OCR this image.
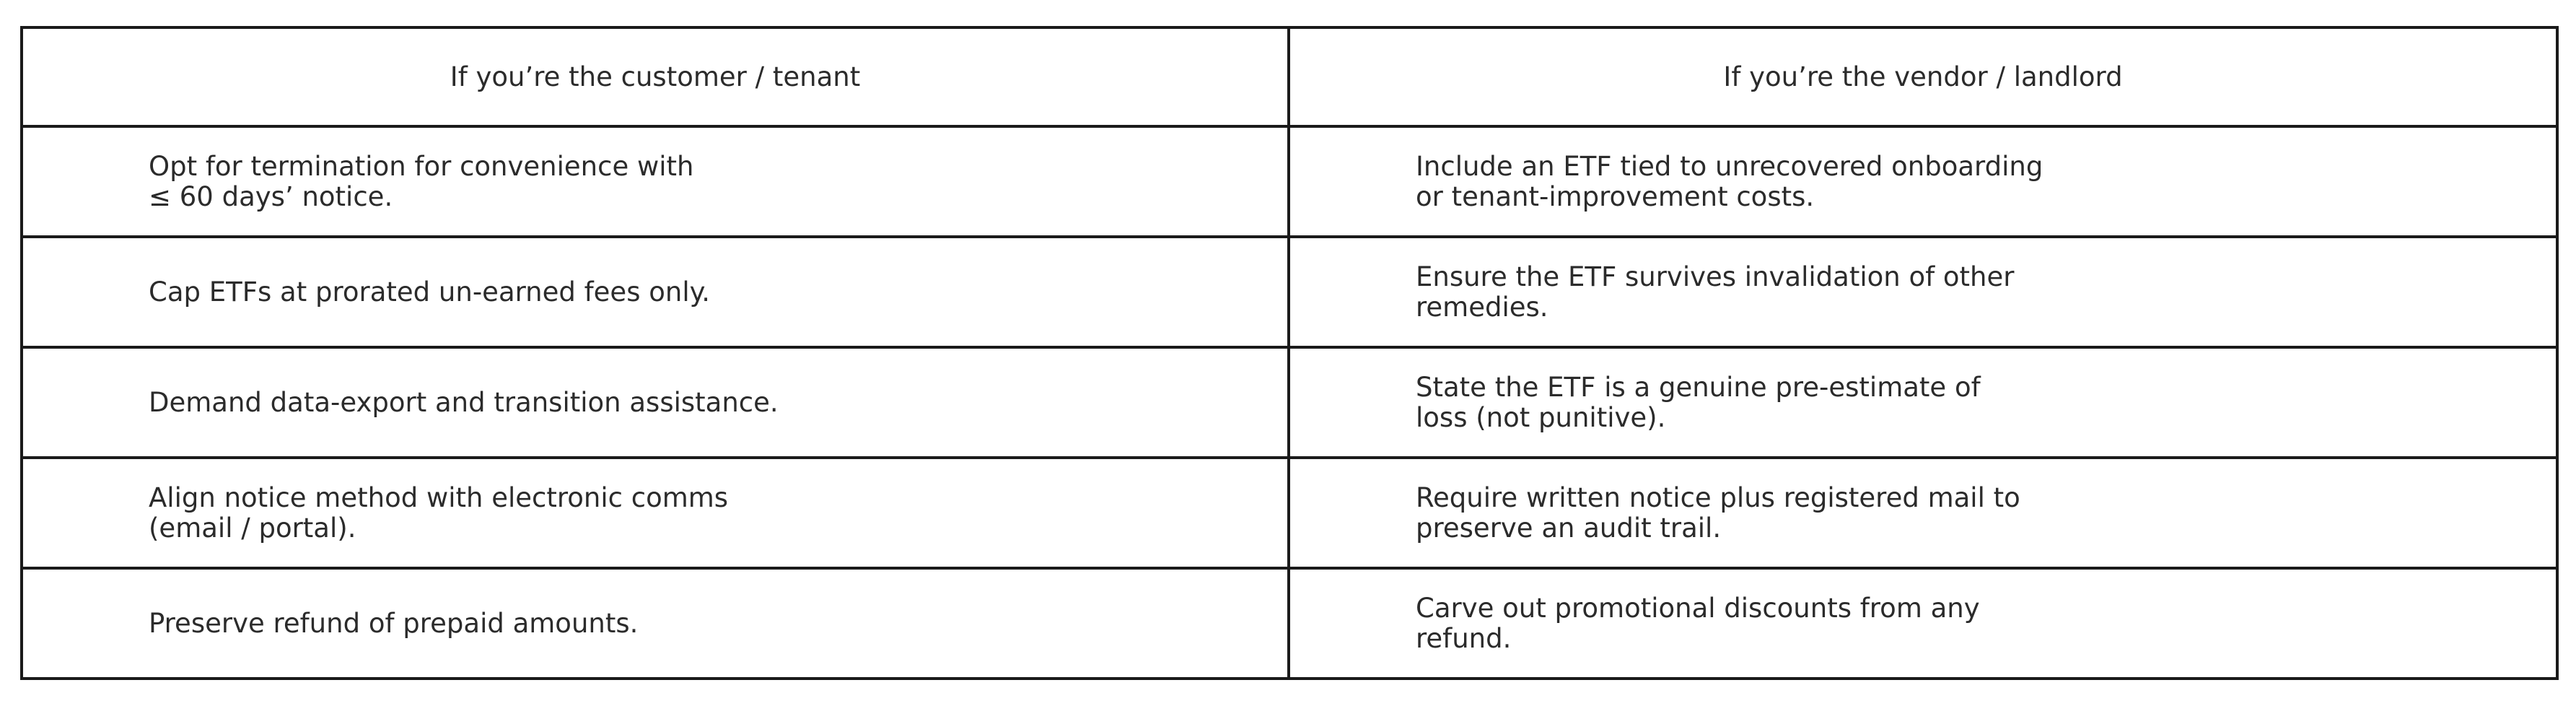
If you’re the customer / tenant	If you’re the vendor / landlord

Opt for termination for convenience with
≤ 60 days’ notice.	Include an ETF tied to unrecovered onboarding
or tenant-improvement costs.

Cap ETFs at prorated un-earned fees only.	Ensure the ETF survives invalidation of other
remedies.

Demand data-export and transition assistance.	State the ETF is a genuine pre-estimate of
loss (not punitive).

Align notice method with electronic comms
(email / portal).	Require written notice plus registered mail to
preserve an audit trail.

Preserve refund of prepaid amounts.	Carve out promotional discounts from any
refund.
